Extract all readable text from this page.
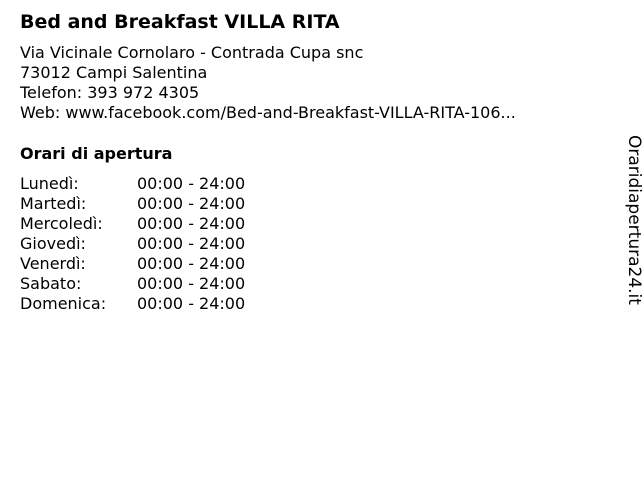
Bed and Breakfast VILLA RITA
Via Vicinale Cornolaro - Contrada Cupa snc
73012 Campi Salentina
Telefon: 393 972 4305
Web: www.facebook.com/Bed-and-Breakfast-VILLA-RITA-106...
Orari di apertura
Lunedì:	00:00 - 24:00
Martedì:	00:00 - 24:00
Mercoledì:	00:00 - 24:00
Giovedì:	00:00 - 24:00
Venerdì:	00:00 - 24:00
Sabato:	00:00 - 24:00
Domenica:	00:00 - 24:00	Oraridiapertura24.it
